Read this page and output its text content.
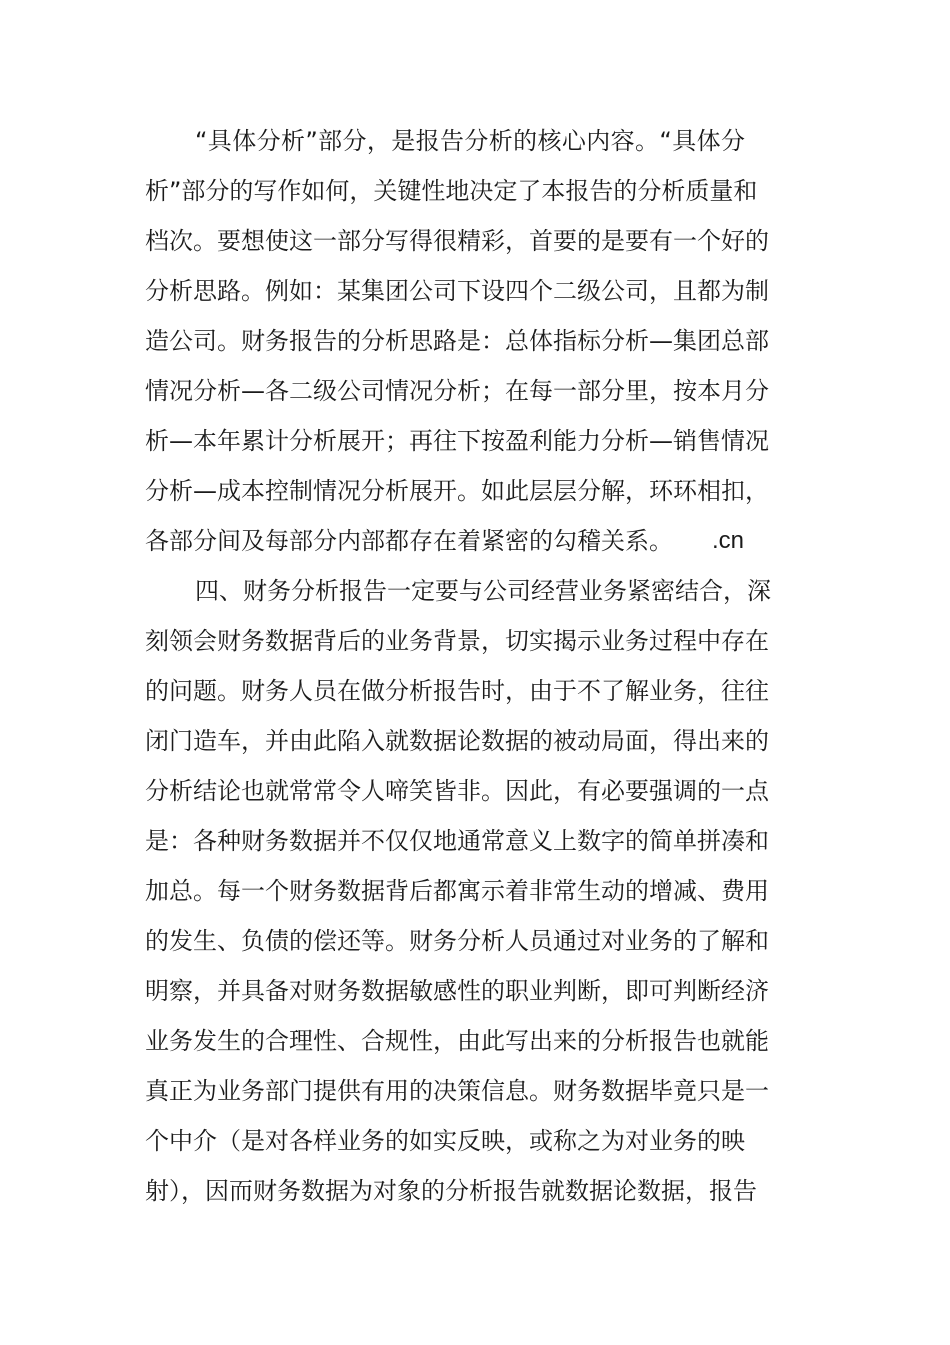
“具体分析”部分，是报告分析的核心内容。“具体分
析”部分的写作如何，关键性地决定了本报告的分析质量和
档次。要想使这一部分写得很精彩，首要的是要有一个好的
分析思路。例如：某集团公司下设四个二级公司，且都为制
造公司。财务报告的分析思路是：总体指标分析—集团总部
情况分析—各二级公司情况分析；在每一部分里，按本月分
析—本年累计分析展开；再往下按盈利能力分析—销售情况
分析—成本控制情况分析展开。如此层层分解，环环相扣，
各部分间及每部分内部都存在着紧密的勾稽关系。	.cn
四、财务分析报告一定要与公司经营业务紧密结合，深
刻领会财务数据背后的业务背景，切实揭示业务过程中存在
的问题。财务人员在做分析报告时，由于不了解业务，往往
闭门造车，并由此陷入就数据论数据的被动局面，得出来的
分析结论也就常常令人啼笑皆非。因此，有必要强调的一点
是：各种财务数据并不仅仅地通常意义上数字的简单拼凑和
加总。每一个财务数据背后都寓示着非常生动的增减、费用
的发生、负债的偿还等。财务分析人员通过对业务的了解和
明察，并具备对财务数据敏感性的职业判断，即可判断经济
业务发生的合理性、合规性，由此写出来的分析报告也就能
真正为业务部门提供有用的决策信息。财务数据毕竟只是一
个中介（是对各样业务的如实反映，或称之为对业务的映
射），因而财务数据为对象的分析报告就数据论数据，报告
